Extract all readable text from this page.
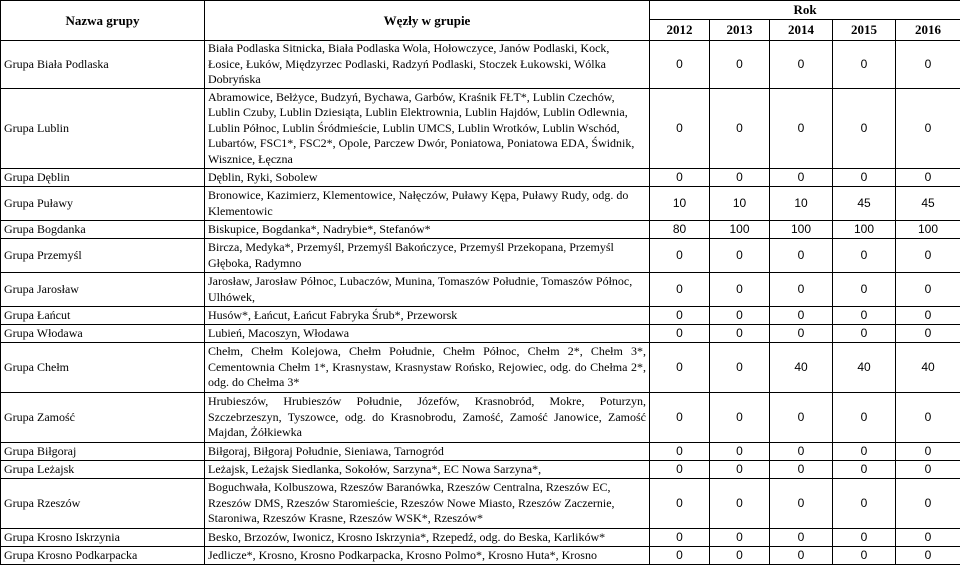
Nazwa grupy	Węzły w grupie	Rok				
		2012	2013	2014	2015	2016
Grupa Biała Podlaska	Biała Podlaska Sitnicka, Biała Podlaska Wola, Hołowczyce, Janów Podlaski, Kock, Łosice, Łuków, Międzyrzec Podlaski, Radzyń Podlaski, Stoczek Łukowski, Wólka Dobryńska	0	0	0	0	0
Grupa Lublin	Abramowice, Bełżyce, Budzyń, Bychawa, Garbów, Kraśnik FŁT*, Lublin Czechów, Lublin Czuby, Lublin Dziesiąta, Lublin Elektrownia, Lublin Hajdów, Lublin Odlewnia, Lublin Północ, Lublin Śródmieście, Lublin UMCS, Lublin Wrotków, Lublin Wschód, Lubartów, FSC1*, FSC2*, Opole, Parczew Dwór, Poniatowa, Poniatowa EDA, Świdnik, Wisznice, Łęczna	0	0	0	0	0
Grupa Dęblin	Dęblin, Ryki, Sobolew	0	0	0	0	0
Grupa Puławy	Bronowice, Kazimierz, Klementowice, Nałęczów, Puławy Kępa, Puławy Rudy, odg. do Klementowic	10	10	10	45	45
Grupa Bogdanka	Biskupice, Bogdanka*, Nadrybie*, Stefanów*	80	100	100	100	100
Grupa Przemyśl	Bircza, Medyka*, Przemyśl, Przemyśl Bakończyce, Przemyśl Przekopana, Przemyśl Głęboka, Radymno	0	0	0	0	0
Grupa Jarosław	Jarosław, Jarosław Północ, Lubaczów, Munina, Tomaszów Południe, Tomaszów Północ, Ulhówek,	0	0	0	0	0
Grupa Łańcut	Husów*, Łańcut, Łańcut Fabryka Śrub*, Przeworsk	0	0	0	0	0
Grupa Włodawa	Lubień, Macoszyn, Włodawa	0	0	0	0	0
Grupa Chełm	Chełm, Chełm Kolejowa, Chełm Południe, Chełm Północ, Chełm 2*, Chełm 3*, Cementownia Chełm 1*, Krasnystaw, Krasnystaw Rońsko, Rejowiec, odg. do Chełma 2*, odg. do Chełma 3*	0	0	40	40	40
Grupa Zamość	Hrubieszów, Hrubieszów Południe, Józefów, Krasnobród, Mokre, Poturzyn, Szczebrzeszyn, Tyszowce, odg. do Krasnobrodu, Zamość, Zamość Janowice, Zamość Majdan, Żółkiewka	0	0	0	0	0
Grupa Biłgoraj	Biłgoraj, Biłgoraj Południe, Sieniawa, Tarnogród	0	0	0	0	0
Grupa Leżajsk	Leżajsk, Leżajsk Siedlanka, Sokołów, Sarzyna*, EC Nowa Sarzyna*,	0	0	0	0	0
Grupa Rzeszów	Boguchwała, Kolbuszowa, Rzeszów Baranówka, Rzeszów Centralna, Rzeszów EC, Rzeszów DMS, Rzeszów Staromieście, Rzeszów Nowe Miasto, Rzeszów Zaczernie, Staroniwa, Rzeszów Krasne, Rzeszów WSK*, Rzeszów*	0	0	0	0	0
Grupa Krosno Iskrzynia	Besko, Brzozów, Iwonicz, Krosno Iskrzynia*, Rzepedź, odg. do Beska, Karlików*	0	0	0	0	0
Grupa Krosno Podkarpacka	Jedlicze*, Krosno, Krosno Podkarpacka, Krosno Polmo*, Krosno Huta*, Krosno	0	0	0	0	0
